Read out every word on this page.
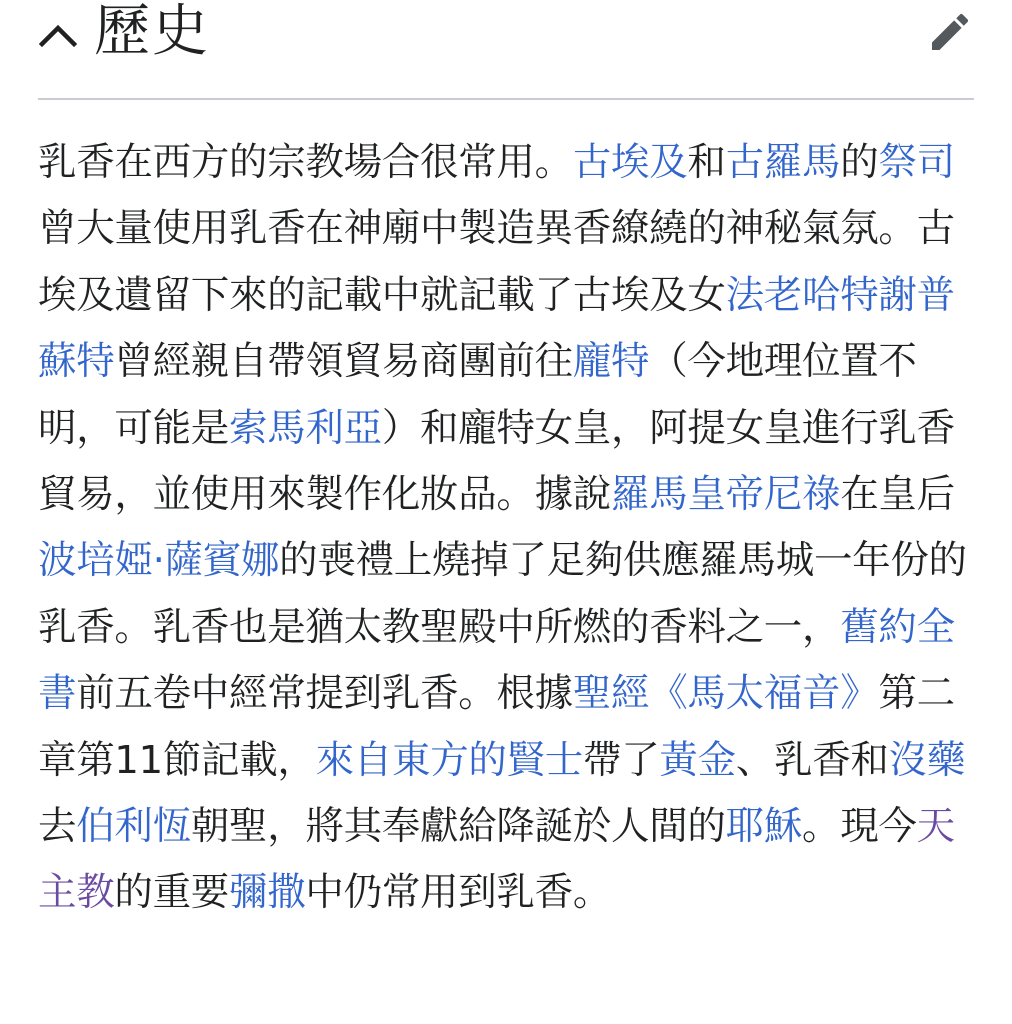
歷史

乳香在西方的宗教場合很常用。古埃及和古羅馬的祭司曾大量使用乳香在神廟中製造異香繚繞的神秘氣氛。古埃及遺留下來的記載中就記載了古埃及女法老哈特謝普蘇特曾經親自帶領貿易商團前往龐特（今地理位置不明，可能是索馬利亞）和龐特女皇，阿提女皇進行乳香貿易，並使用來製作化妝品。據說羅馬皇帝尼祿在皇后波培婭·薩賓娜的喪禮上燒掉了足夠供應羅馬城一年份的乳香。乳香也是猶太教聖殿中所燃的香料之一，舊約全書前五卷中經常提到乳香。根據聖經《馬太福音》第二章第11節記載，來自東方的賢士帶了黃金、乳香和沒藥去伯利恆朝聖，將其奉獻給降誕於人間的耶穌。現今天主教的重要彌撒中仍常用到乳香。
